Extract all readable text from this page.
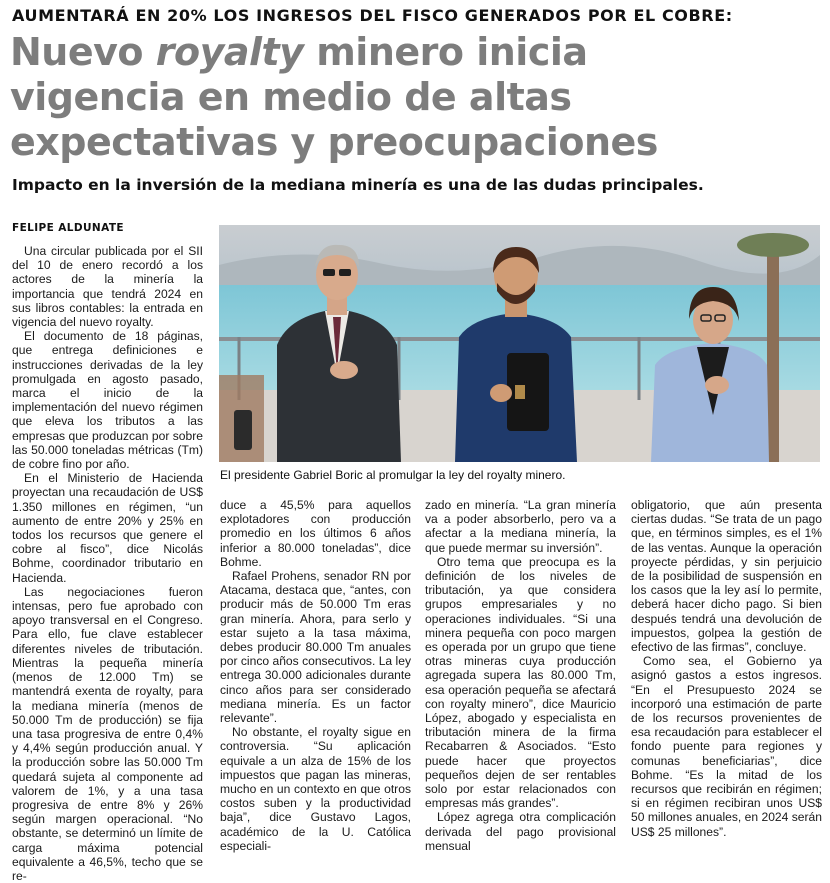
AUMENTARÁ EN 20% LOS INGRESOS DEL FISCO GENERADOS POR EL COBRE:
Nuevo royalty minero inicia
vigencia en medio de altas
expectativas y preocupaciones
Impacto en la inversión de la mediana minería es una de las dudas principales.
FELIPE ALDUNATE

Una circular publicada por el SII del 10 de enero recordó a los actores de la minería la importancia que tendrá 2024 en sus libros contables: la entrada en vigencia del nuevo royalty.

El documento de 18 páginas, que entrega definiciones e instrucciones derivadas de la ley promulgada en agosto pasado, marca el inicio de la implementación del nuevo régimen que eleva los tributos a las empresas que produzcan por sobre las 50.000 toneladas métricas (Tm) de cobre fino por año.

En el Ministerio de Hacienda proyectan una recaudación de US$ 1.350 millones en régimen, “un aumento de entre 20% y 25% en todos los recursos que genere el cobre al fisco”, dice Nicolás Bohme, coordinador tributario en Hacienda.

Las negociaciones fueron intensas, pero fue aprobado con apoyo transversal en el Congreso. Para ello, fue clave establecer diferentes niveles de tributación. Mientras la pequeña minería (menos de 12.000 Tm) se mantendrá exenta de royalty, para la mediana minería (menos de 50.000 Tm de producción) se fija una tasa progresiva de entre 0,4% y 4,4% según producción anual. Y la producción sobre las 50.000 Tm quedará sujeta al componente ad valorem de 1%, y a una tasa progresiva de entre 8% y 26% según margen operacional. “No obstante, se determinó un límite de carga máxima potencial equivalente a 46,5%, techo que se re-

El presidente Gabriel Boric al promulgar la ley del royalty minero.

duce a 45,5% para aquellos explotadores con producción promedio en los últimos 6 años inferior a 80.000 toneladas”, dice Bohme.

Rafael Prohens, senador RN por Atacama, destaca que, “antes, con producir más de 50.000 Tm eras gran minería. Ahora, para serlo y estar sujeto a la tasa máxima, debes producir 80.000 Tm anuales por cinco años consecutivos. La ley entrega 30.000 adicionales durante cinco años para ser considerado mediana minería. Es un factor relevante”.

No obstante, el royalty sigue en controversia. “Su aplicación equivale a un alza de 15% de los impuestos que pagan las mineras, mucho en un contexto en que otros costos suben y la productividad baja”, dice Gustavo Lagos, académico de la U. Católica especiali-

zado en minería. “La gran minería va a poder absorberlo, pero va a afectar a la mediana minería, la que puede mermar su inversión”.

Otro tema que preocupa es la definición de los niveles de tributación, ya que considera grupos empresariales y no operaciones individuales. “Si una minera pequeña con poco margen es operada por un grupo que tiene otras mineras cuya producción agregada supera las 80.000 Tm, esa operación pequeña se afectará con royalty minero”, dice Mauricio López, abogado y especialista en tributación minera de la firma Recabarren & Asociados. “Esto puede hacer que proyectos pequeños dejen de ser rentables solo por estar relacionados con empresas más grandes”.

López agrega otra complicación derivada del pago provisional mensual

obligatorio, que aún presenta ciertas dudas. “Se trata de un pago que, en términos simples, es el 1% de las ventas. Aunque la operación proyecte pérdidas, y sin perjuicio de la posibilidad de suspensión en los casos que la ley así lo permite, deberá hacer dicho pago. Si bien después tendrá una devolución de impuestos, golpea la gestión de efectivo de las firmas”, concluye.

Como sea, el Gobierno ya asignó gastos a estos ingresos. “En el Presupuesto 2024 se incorporó una estimación de parte de los recursos provenientes de esa recaudación para establecer el fondo puente para regiones y comunas beneficiarias”, dice Bohme. “Es la mitad de los recursos que recibirán en régimen; si en régimen recibiran unos US$ 50 millones anuales, en 2024 serán US$ 25 millones”.
